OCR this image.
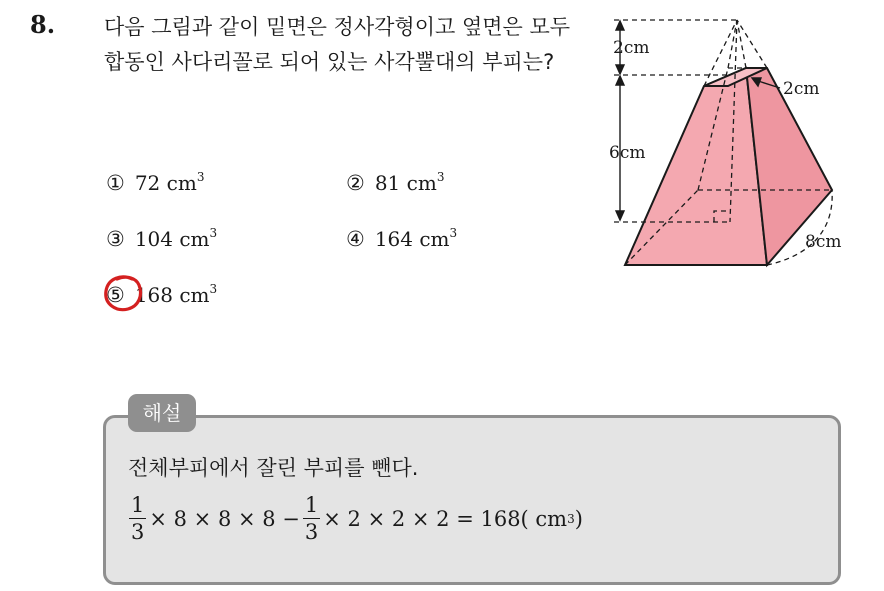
8. 다음 그림과 같이 밑면은 정사각형이고 옆면은 모두 합동인 사다리꼴로 되어 있는 사각뿔대의 부피는?
① 72 $cm^3$	② 81 $cm^3$
③ 104 $cm^3$	④ 164 $cm^3$
⑤ 168 $cm^3$
2cm
2cm
6cm
8cm
해설
전체부피에서 잘린 부피를 뺀다.
$\frac{1}{3} \times 8 \times 8 \times 8 - \frac{1}{3} \times 2 \times 2 \times 2 = 168$( cm 3 )
